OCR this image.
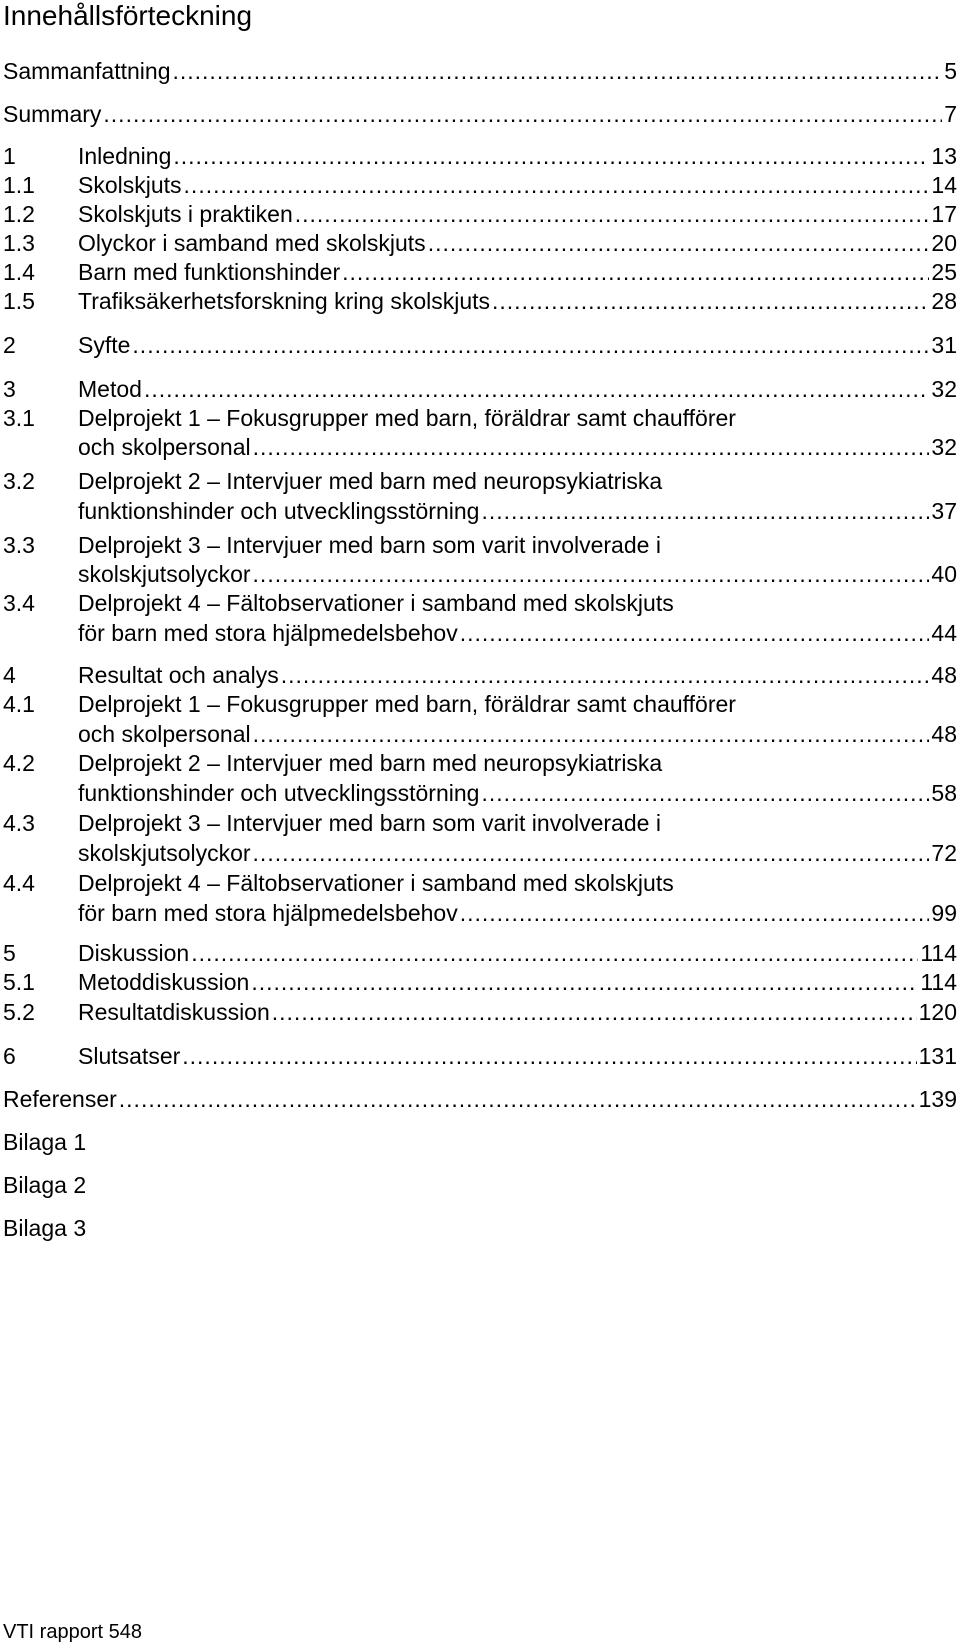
Innehållsförteckning
Sammanfattning .....	5
Summary .....	7
1	Inledning .....	13
1.1 Skolskjuts .....	14
1.2 Skolskjuts i praktiken .....	17
1.3 Olyckor i samband med skolskjuts .....	20
1.4 Barn med funktionshinder .....	25
1.5 Trafiksäkerhetsforskning kring skolskjuts .....	28
2	Syfte .....	31
3	Metod .....	32
3.1 Delprojekt 1 – Fokusgrupper med barn, föräldrar samt chaufförer
och skolpersonal .....	32
3.2 Delprojekt 2 – Intervjuer med barn med neuropsykiatriska
funktionshinder och utvecklingsstörning .....	37
3.3 Delprojekt 3 – Intervjuer med barn som varit involverade i
skolskjutsolyckor .....	40
3.4 Delprojekt 4 – Fältobservationer i samband med skolskjuts
för barn med stora hjälpmedelsbehov .....	44
4	Resultat och analys .....	48
4.1 Delprojekt 1 – Fokusgrupper med barn, föräldrar samt chaufförer
och skolpersonal .....	48
4.2 Delprojekt 2 – Intervjuer med barn med neuropsykiatriska
funktionshinder och utvecklingsstörning .....	58
4.3 Delprojekt 3 – Intervjuer med barn som varit involverade i
skolskjutsolyckor .....	72
4.4 Delprojekt 4 – Fältobservationer i samband med skolskjuts
för barn med stora hjälpmedelsbehov .....	99
5	Diskussion .....	114
5.1 Metoddiskussion .....	114
5.2 Resultatdiskussion .....	120
6	Slutsatser .....	131
Referenser .....	139
Bilaga 1
Bilaga 2
Bilaga 3
VTI rapport 548
